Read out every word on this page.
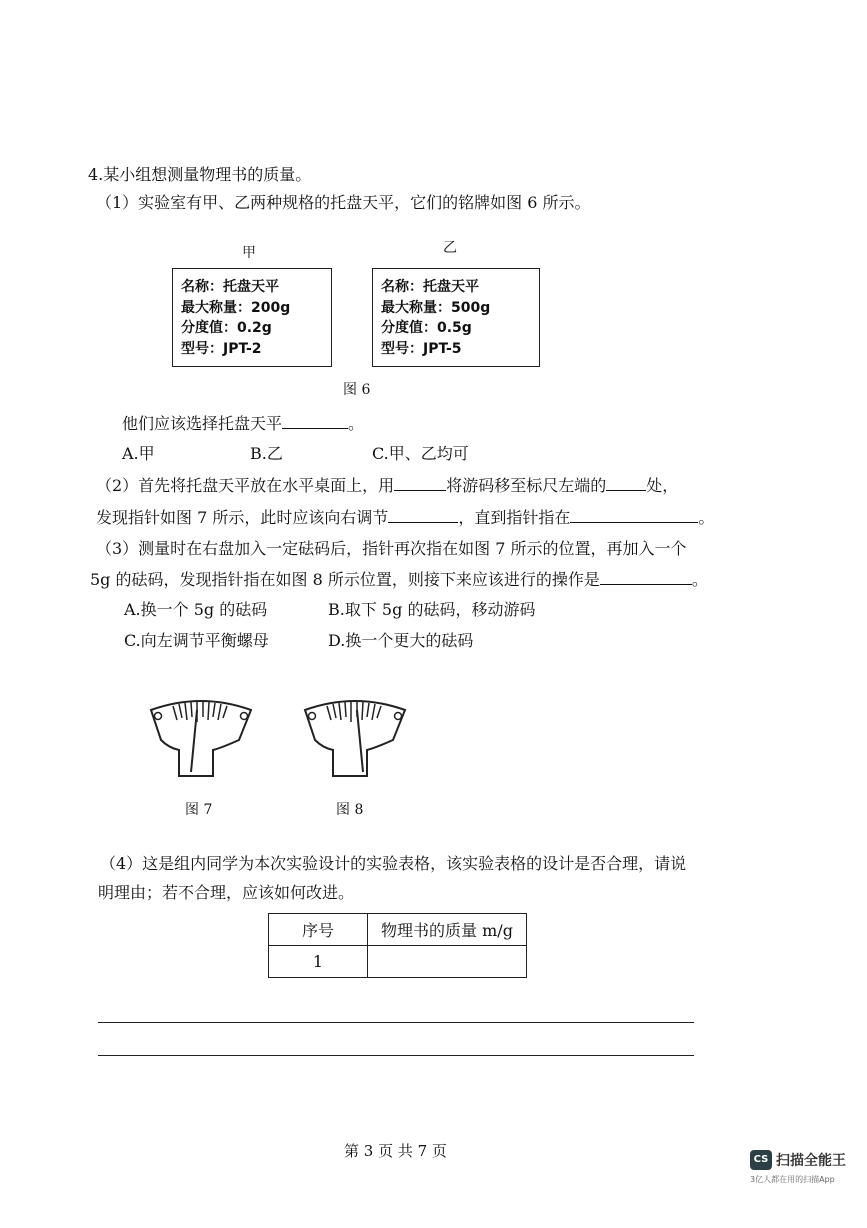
4.某小组想测量物理书的质量。
（1）实验室有甲、乙两种规格的托盘天平，它们的铭牌如图 6 所示。
甲	乙
名称：托盘天平
最大称量：200g
分度值：0.2g
型号：JPT-2
名称：托盘天平
最大称量：500g
分度值：0.5g
型号：JPT-5
图 6
他们应该选择托盘天平	。
A.甲	B.乙	C.甲、乙均可
（2）首先将托盘天平放在水平桌面上，用	将游码移至标尺左端的	处，
发现指针如图 7 所示，此时应该向右调节	，直到指针指在	。
（3）测量时在右盘加入一定砝码后，指针再次指在如图 7 所示的位置，再加入一个
5g 的砝码，发现指针指在如图 8 所示位置，则接下来应该进行的操作是	。
A.换一个 5g 的砝码	B.取下 5g 的砝码，移动游码
C.向左调节平衡螺母	D.换一个更大的砝码
图 7	图 8
（4）这是组内同学为本次实验设计的实验表格，该实验表格的设计是否合理，请说
明理由；若不合理，应该如何改进。
序号	物理书的质量 m/g
1	
第 3 页 共 7 页	CS 扫描全能王
3亿人都在用的扫描App
